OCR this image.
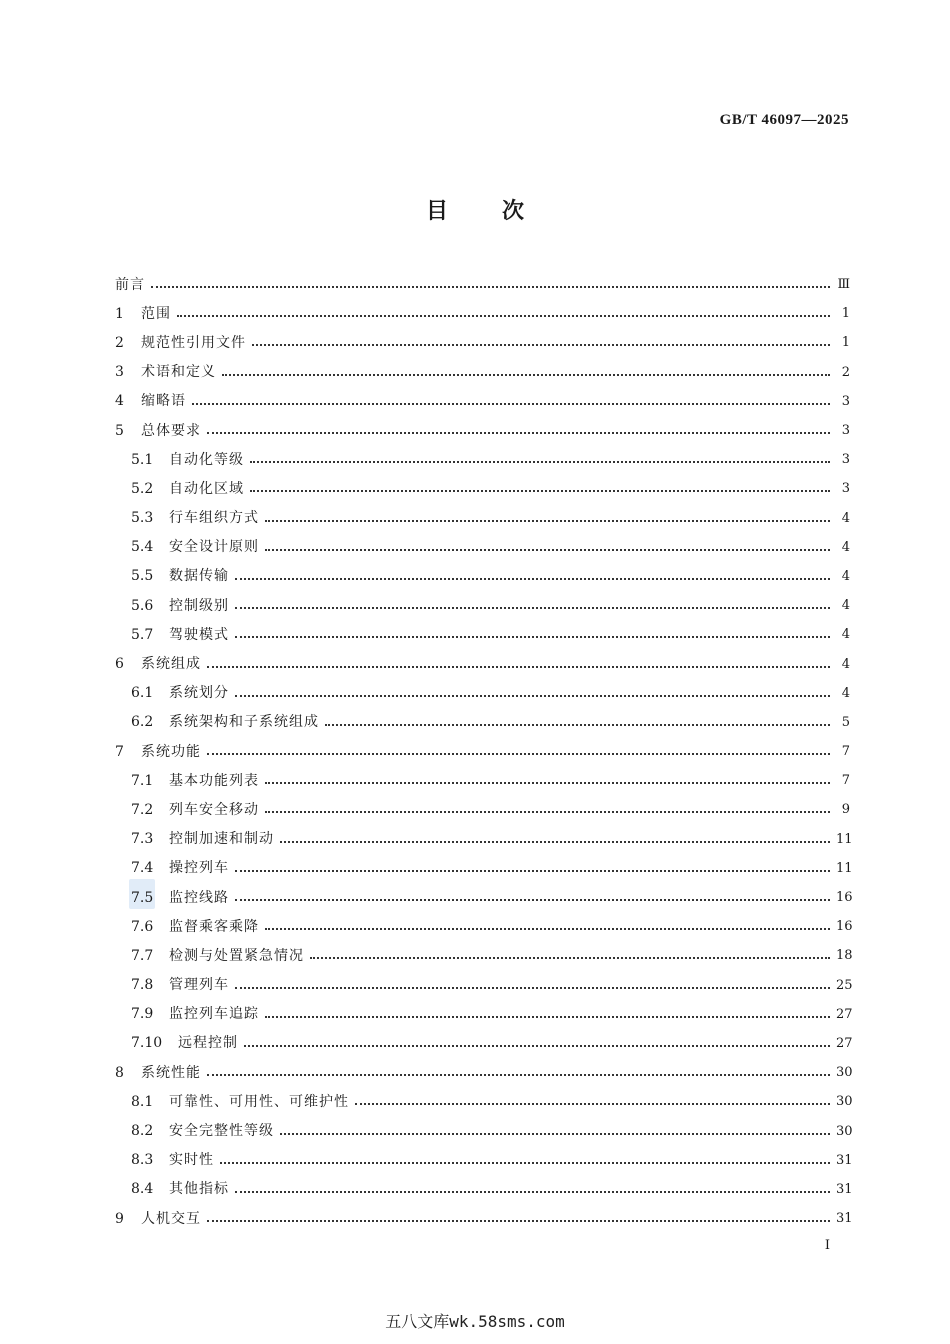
GB/T 46097—2025
目 次
前言	Ⅲ
1	范围	1
2	规范性引用文件	1
3	术语和定义	2
4	缩略语	3
5	总体要求	3
5.1	自动化等级	3
5.2	自动化区域	3
5.3	行车组织方式	4
5.4	安全设计原则	4
5.5	数据传输	4
5.6	控制级别	4
5.7	驾驶模式	4
6	系统组成	4
6.1	系统划分	4
6.2	系统架构和子系统组成	5
7	系统功能	7
7.1	基本功能列表	7
7.2	列车安全移动	9
7.3	控制加速和制动	11
7.4	操控列车	11
7.5	监控线路	16
7.6	监督乘客乘降	16
7.7	检测与处置紧急情况	18
7.8	管理列车	25
7.9	监控列车追踪	27
7.10	远程控制	27
8	系统性能	30
8.1	可靠性、可用性、可维护性	30
8.2	安全完整性等级	30
8.3	实时性	31
8.4	其他指标	31
9	人机交互	31
I
五八文库wk.58sms.com
